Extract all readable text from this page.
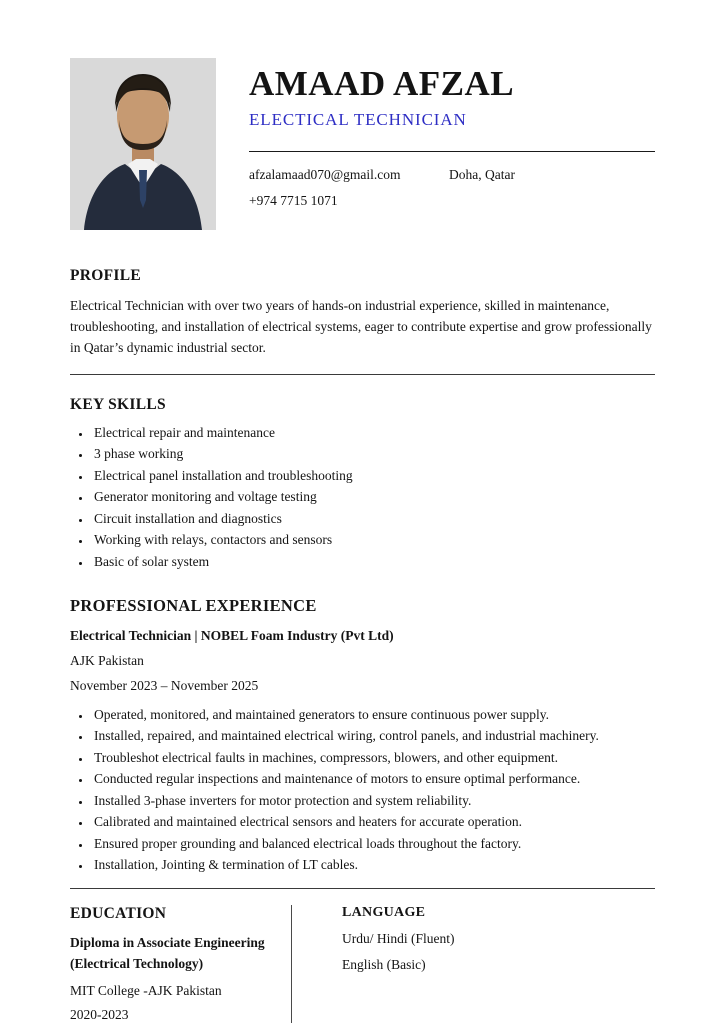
AMAAD AFZAL
ELECTICAL TECHNICIAN
afzalamaad070@gmail.com	Doha, Qatar
+974 7715 1071
PROFILE

Electrical Technician with over two years of hands-on industrial experience, skilled in maintenance, troubleshooting, and installation of electrical systems, eager to contribute expertise and grow professionally in Qatar’s dynamic industrial sector.

KEY SKILLS
• Electrical repair and maintenance
• 3 phase working
• Electrical panel installation and troubleshooting
• Generator monitoring and voltage testing
• Circuit installation and diagnostics
• Working with relays, contactors and sensors
• Basic of solar system
PROFESSIONAL EXPERIENCE
Electrical Technician | NOBEL Foam Industry (Pvt Ltd)
AJK Pakistan
November 2023 – November 2025
• Operated, monitored, and maintained generators to ensure continuous power supply.
• Installed, repaired, and maintained electrical wiring, control panels, and industrial machinery.
• Troubleshot electrical faults in machines, compressors, blowers, and other equipment.
• Conducted regular inspections and maintenance of motors to ensure optimal performance.
• Installed 3-phase inverters for motor protection and system reliability.
• Calibrated and maintained electrical sensors and heaters for accurate operation.
• Ensured proper grounding and balanced electrical loads throughout the factory.
• Installation, Jointing & termination of LT cables.
EDUCATION
Diploma in Associate Engineering (Electrical Technology)
MIT College -AJK Pakistan
2020-2023
LANGUAGE
Urdu/ Hindi (Fluent)
English (Basic)
